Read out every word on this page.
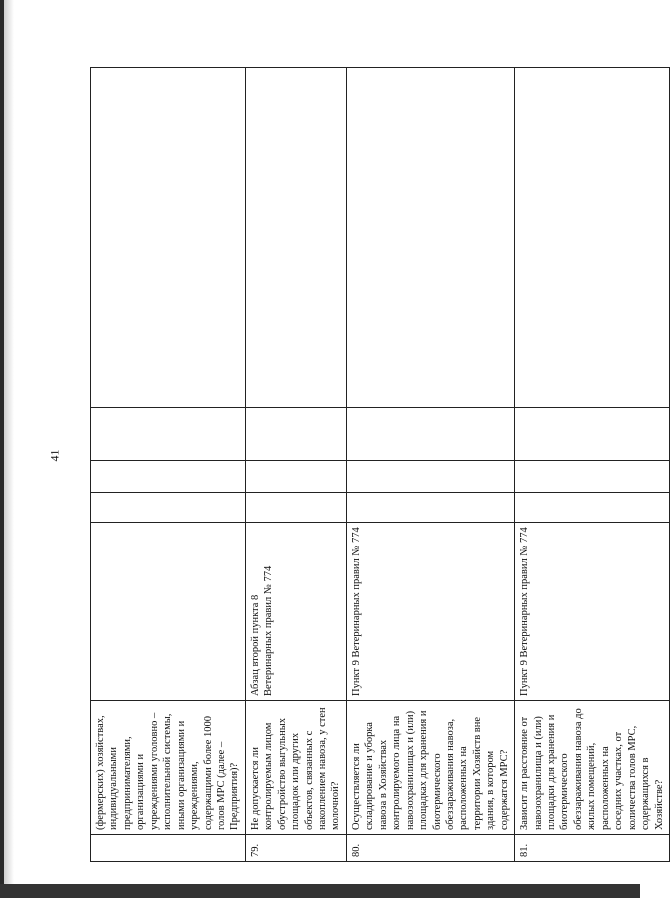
41
	(фермерских) хозяйствах, индивидуальными предпринимателями, организациями и учреждениями уголовно – исполнительной системы, иными организациями и учреждениями, содержащими более 1000 голов МРС (далее – Предприятия)?					
79.	Не допускается ли контролируемым лицом обустройство выгульных площадок или других объектов, связанных с накоплением навоза, у стен молочной?	Абзац второй пункта 8 Ветеринарных правил № 774				
80.	Осуществляется ли складирование и уборка навоза в Хозяйствах контролируемого лица на навозохранилищах и (или) площадках для хранения и биотермического обеззараживания навоза, расположенных на территории Хозяйств вне здания, в котором содержатся МРС?	Пункт 9 Ветеринарных правил № 774				
81.	Зависит ли расстояние от навозохранилища и (или) площадки для хранения и биотермического обеззараживания навоза до жилых помещений, расположенных на соседних участках, от количества голов МРС, содержащихся в Хозяйстве?	Пункт 9 Ветеринарных правил № 774				
